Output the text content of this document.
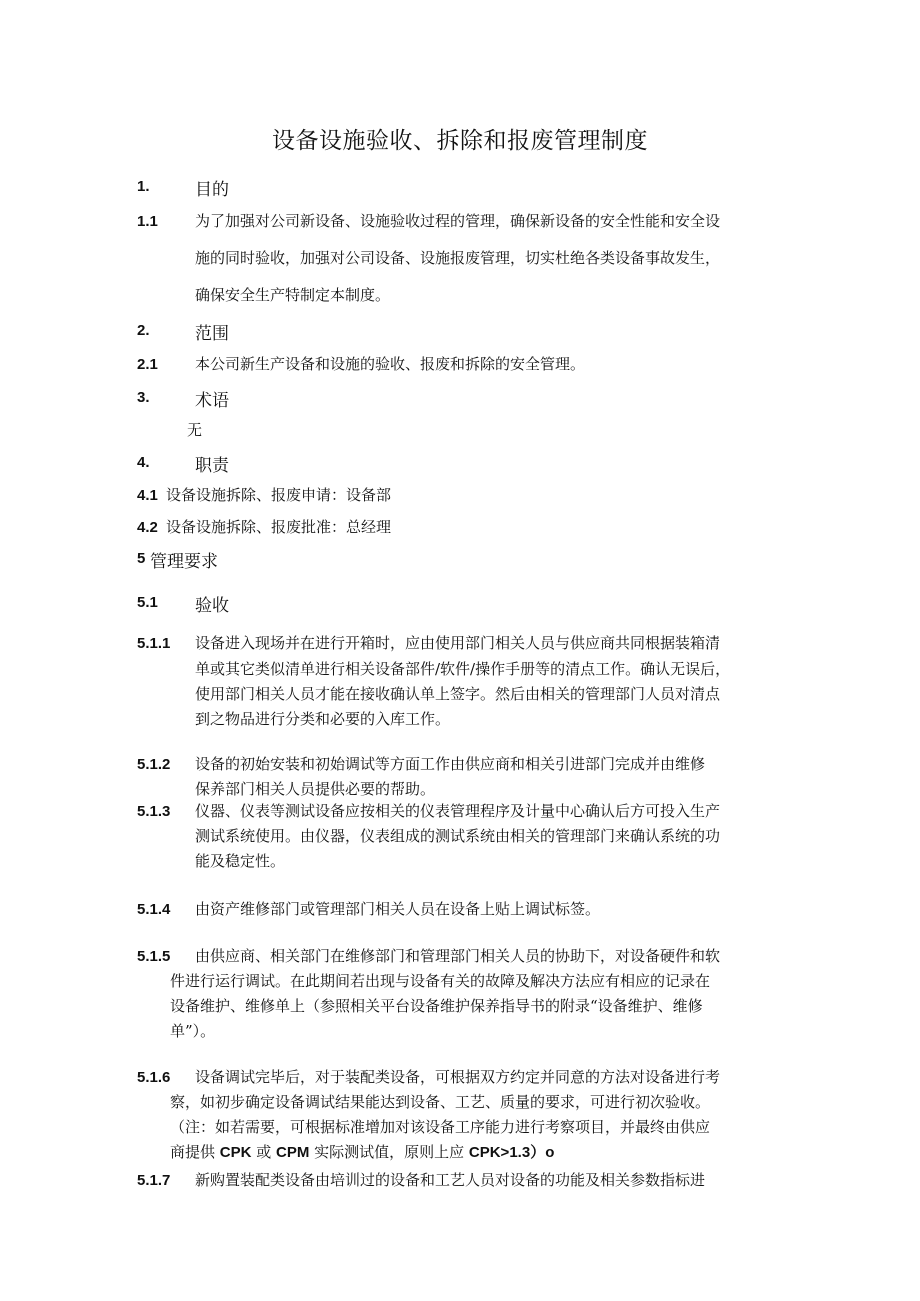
设备设施验收、拆除和报废管理制度
1.	目的
1.1 为了加强对公司新设备、设施验收过程的管理，确保新设备的安全性能和安全设
施的同时验收，加强对公司设备、设施报废管理，切实杜绝各类设备事故发生，
确保安全生产特制定本制度。
2.	范围
2.1 本公司新生产设备和设施的验收、报废和拆除的安全管理。
3.	术语
无
4.	职责
4.1 设备设施拆除、报废申请：设备部
4.2 设备设施拆除、报废批准：总经理
5 管理要求
5.1 验收
5.1.1 设备进入现场并在进行开箱时，应由使用部门相关人员与供应商共同根据装箱清
单或其它类似清单进行相关设备部件/软件/操作手册等的清点工作。确认无误后，
使用部门相关人员才能在接收确认单上签字。然后由相关的管理部门人员对清点
到之物品进行分类和必要的入库工作。
5.1.2 设备的初始安装和初始调试等方面工作由供应商和相关引进部门完成并由维修
保养部门相关人员提供必要的帮助。
5.1.3 仪器、仪表等测试设备应按相关的仪表管理程序及计量中心确认后方可投入生产
测试系统使用。由仪器，仪表组成的测试系统由相关的管理部门来确认系统的功
能及稳定性。
5.1.4 由资产维修部门或管理部门相关人员在设备上贴上调试标签。
5.1.5 由供应商、相关部门在维修部门和管理部门相关人员的协助下，对设备硬件和软
件进行运行调试。在此期间若出现与设备有关的故障及解决方法应有相应的记录在
设备维护、维修单上（参照相关平台设备维护保养指导书的附录“设备维护、维修
单”）。
5.1.6 设备调试完毕后，对于装配类设备，可根据双方约定并同意的方法对设备进行考
察，如初步确定设备调试结果能达到设备、工艺、质量的要求，可进行初次验收。
（注：如若需要，可根据标准增加对该设备工序能力进行考察项目，并最终由供应
商提供 CPK 或 CPM 实际测试值，原则上应 CPK>1.3）o
5.1.7 新购置装配类设备由培训过的设备和工艺人员对设备的功能及相关参数指标进
